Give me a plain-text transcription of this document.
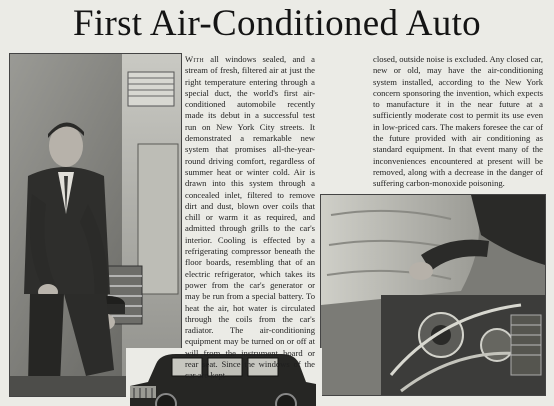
First Air-Conditioned Auto

With all windows sealed, and a stream of fresh, filtered air at just the right temperature entering through a special duct, the world's first air-conditioned automobile recently made its debut in a successful test run on New York City streets. It demonstrated a remarkable new system that promises all-the-year-round driving comfort, regardless of summer heat or winter cold. Air is drawn into this system through a concealed inlet, filtered to remove dirt and dust, blown over coils that chill or warm it as required, and admitted through grills to the car's interior. Cooling is effected by a refrigerating compressor beneath the floor boards, resembling that of an electric refrigerator, which takes its power from the car's generator or may be run from a special battery. To heat the air, hot water is circulated through the coils from the car's radiator. The air-conditioning equipment may be turned on or off at will from the instrument board or rear seat. Since the windows of the car are kept

closed, outside noise is excluded. Any closed car, new or old, may have the air-conditioning system installed, according to the New York concern sponsoring the invention, which expects to manufacture it in the near future at a sufficiently moderate cost to permit its use even in low-priced cars. The makers foresee the car of the future provided with air conditioning as standard equipment. In that event many of the inconveniences encountered at present will be removed, along with a decrease in the danger of suffering carbon-monoxide poisoning.
